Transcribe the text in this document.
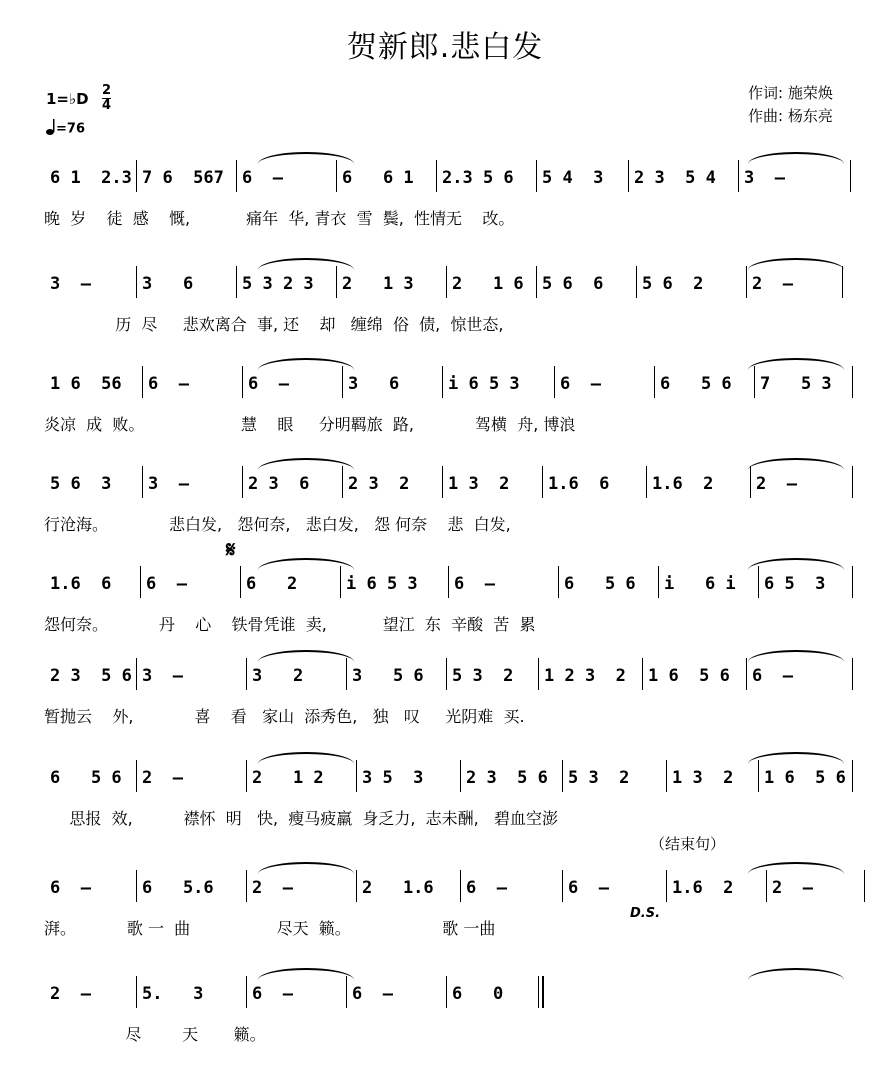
贺新郎.悲白发
作词: 施荣焕
作曲: 杨东亮
1=♭D 2
4
=76
𝄋
（结束句）
D.S.
6 1  2.3 7 6  567	6  –	6   6 1	2.3 5 6	5 4  3	2 3  5 4	3  –
晚  岁    徒  感    慨,           痛年  华, 青衣  雪  鬓,  性情无    改。
3  –	3   6	5 3 2 3	2   1 3	2   1 6	5 6  6	5 6  2	2  –
历  尽     悲欢离合  事, 还    却   缠绵  俗  债,  惊世态,
1 6  56	6  –	6  –	3   6	i 6 5 3	6  –	6   5 6	7   5 3
炎凉  成  败。                   慧    眼     分明羁旅  路,            驾横  舟, 博浪
5 6  3	3  –	2 3  6	2 3  2	1 3  2	1.6  6	1.6  2	2  –
行沧海。            悲白发,   怨何奈,   悲白发,   怨 何奈    悲  白发,
1.6  6	6  –	6   2	i 6 5 3	6  –	6   5 6	i   6 i	6 5  3
怨何奈。          丹    心    铁骨凭谁  卖,           望江  东  辛酸  苦  累
2 3  5 6 3  –	3   2	3   5 6	5 3  2	1 2 3  2	1 6  5 6	6  –
暂抛云    外,            喜    看   家山  添秀色,   独   叹     光阴难  买.
6   5 6	2  –	2   1 2	3 5  3	2 3  5 6	5 3  2	1 3  2	1 6  5 6
思报  效,          襟怀  明   快,  瘦马疲羸  身乏力,  志未酬,   碧血空澎
6  –	6   5.6	2  –	2   1.6	6  –	6  –	1.6  2	2  –
湃。          歌 一  曲                 尽天  籁。                  歌 一曲
2  –	5.   3	6  –	6  –	6   0
尽        天       籁。
